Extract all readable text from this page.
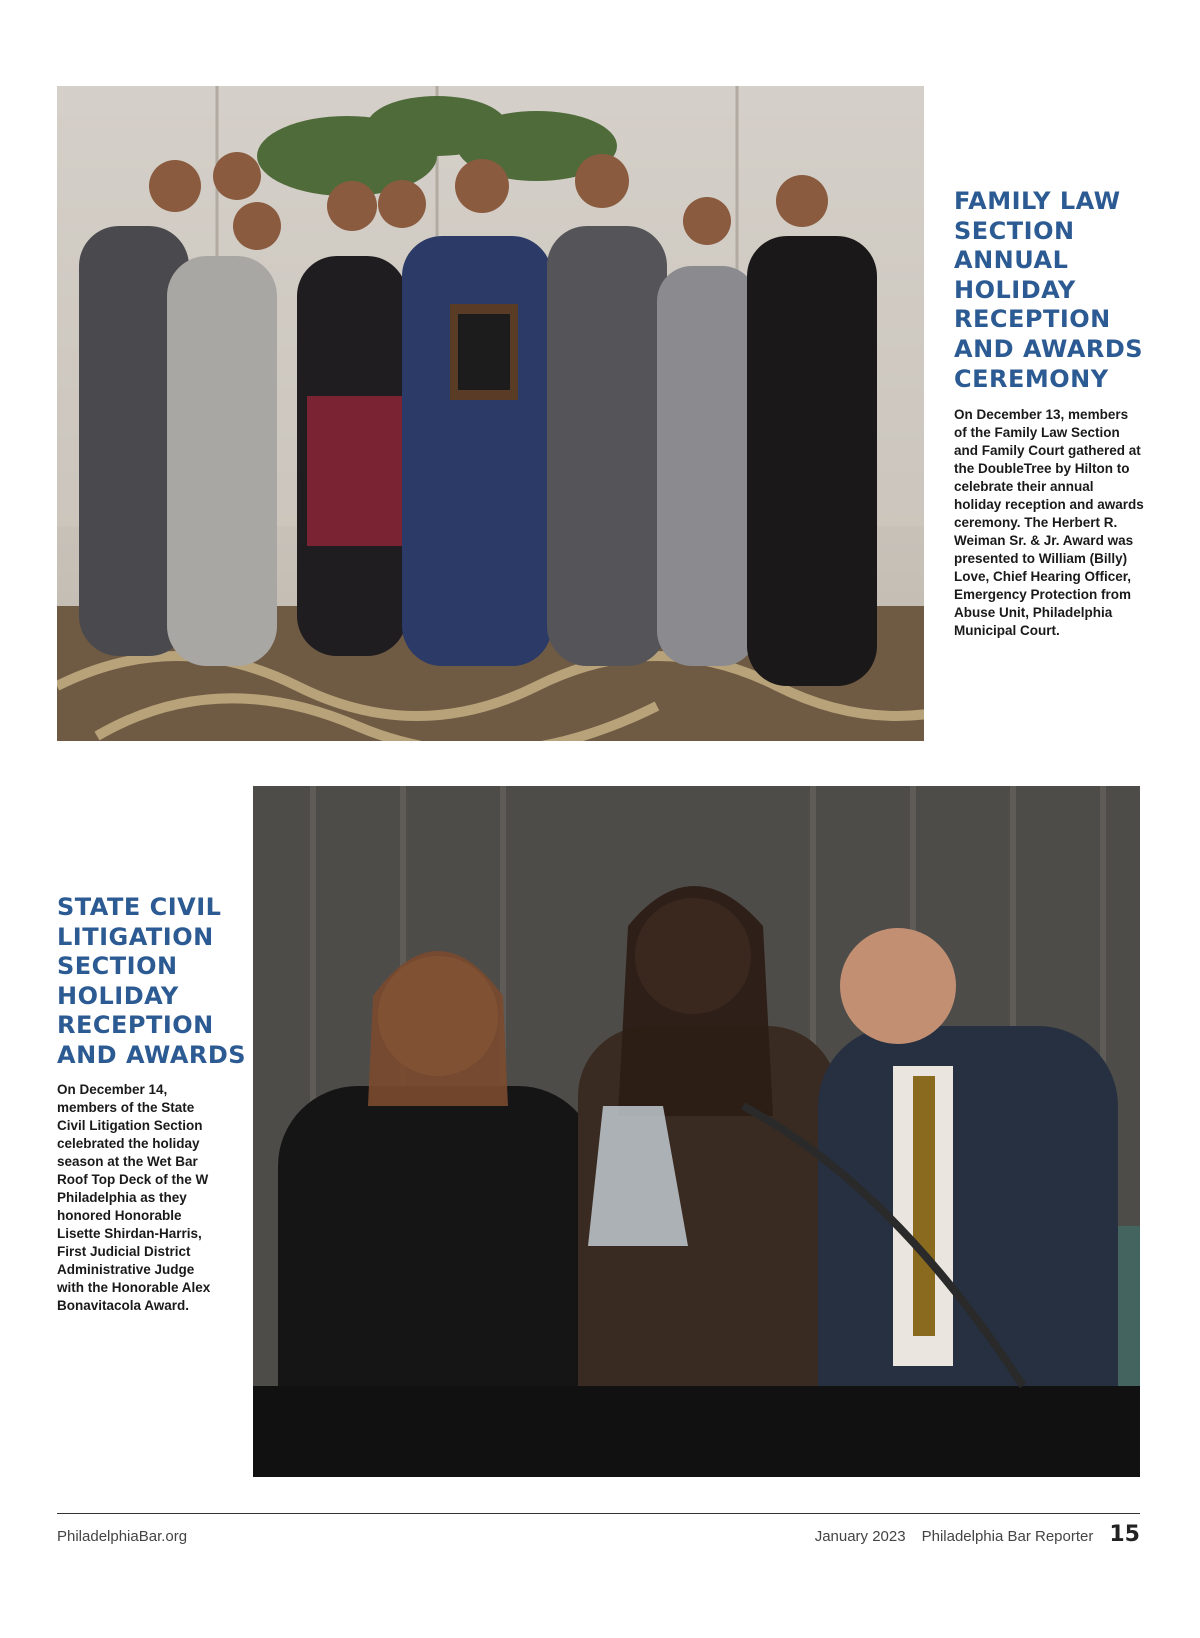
FAMILY LAW SECTION ANNUAL HOLIDAY RECEPTION AND AWARDS CEREMONY

On December 13, members of the Family Law Section and Family Court gathered at the DoubleTree by Hilton to celebrate their annual holiday reception and awards ceremony. The Herbert R. Weiman Sr. & Jr. Award was presented to William (Billy) Love, Chief Hearing Officer, Emergency Protection from Abuse Unit, Philadelphia Municipal Court.

STATE CIVIL LITIGATION SECTION HOLIDAY RECEPTION AND AWARDS

On December 14, members of the State Civil Litigation Section celebrated the holiday season at the Wet Bar Roof Top Deck of the W Philadelphia as they honored Honorable Lisette Shirdan-Harris, First Judicial District Administrative Judge with the Honorable Alex Bonavitacola Award.

PhiladelphiaBar.org	January 2023 Philadelphia Bar Reporter 15
